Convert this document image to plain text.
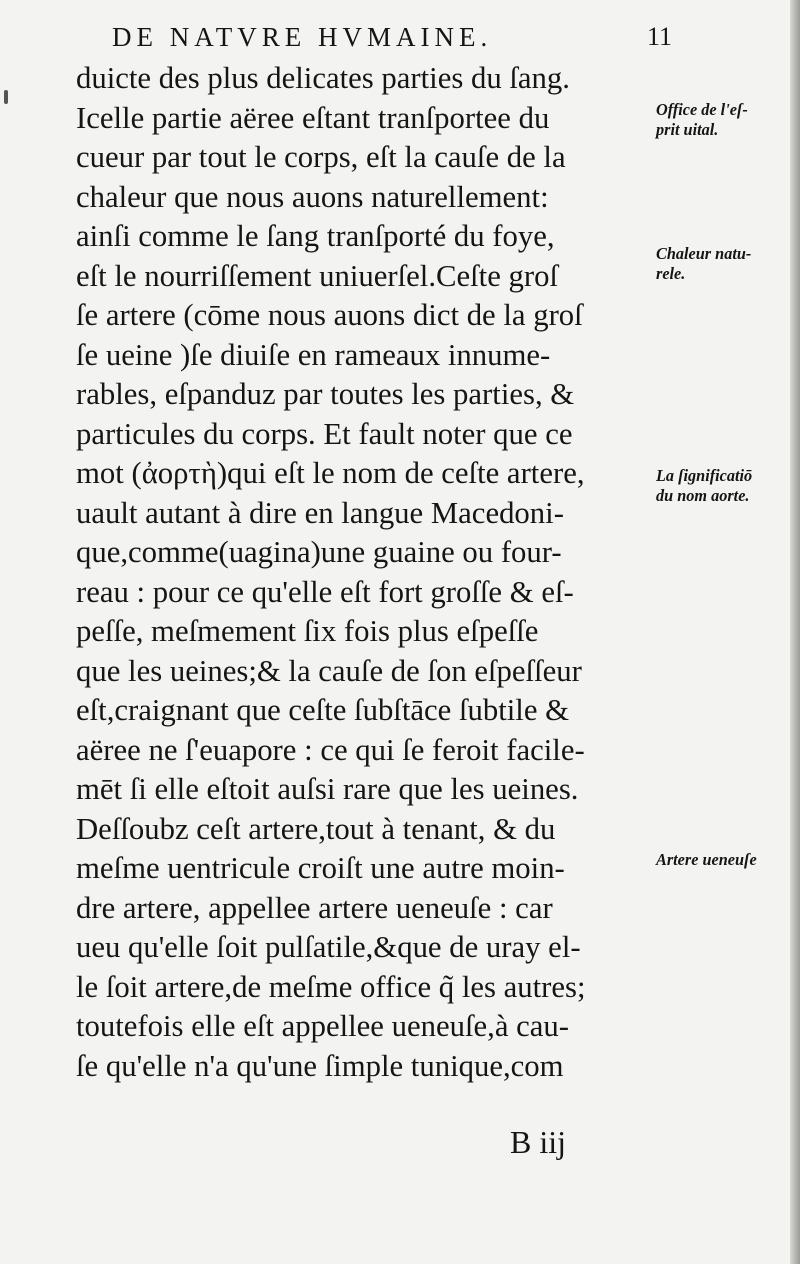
DE NATVRE HVMAINE.	11
duicte des plus delicates parties du ſang.
Icelle partie aëree eſtant tranſportee du
cueur par tout le corps, eſt la cauſe de la
chaleur que nous auons naturellement:
ainſi comme le ſang tranſporté du foye,
eſt le nourriſſement uniuerſel.Ceſte groſ
ſe artere (cōme nous auons dict de la groſ
ſe ueine )ſe diuiſe en rameaux innume-
rables, eſpanduz par toutes les parties, &
particules du corps. Et fault noter que ce
mot (ἀορτὴ)qui eſt le nom de ceſte artere,
uault autant à dire en langue Macedoni-
que,comme(uagina)une guaine ou four-
reau : pour ce qu'elle eſt fort groſſe & eſ-
peſſe, meſmement ſix fois plus eſpeſſe
que les ueines;& la cauſe de ſon eſpeſſeur
eſt,craignant que ceſte ſubſtāce ſubtile &
aëree ne ſ'euapore : ce qui ſe feroit facile-
mēt ſi elle eſtoit auſsi rare que les ueines.
Deſſoubz ceſt artere,tout à tenant, & du
meſme uentricule croiſt une autre moin-
dre artere, appellee artere ueneuſe : car
ueu qu'elle ſoit pulſatile,&que de uray el-
le ſoit artere,de meſme office q̃ les autres;
toutefois elle eſt appellee ueneuſe,à cau-
ſe qu'elle n'a qu'une ſimple tunique,com
Office de l'eſ-
prit uital.
Chaleur natu-
rele.
La ſignificatiō
du nom aorte.
Artere ueneuſe
B iij
